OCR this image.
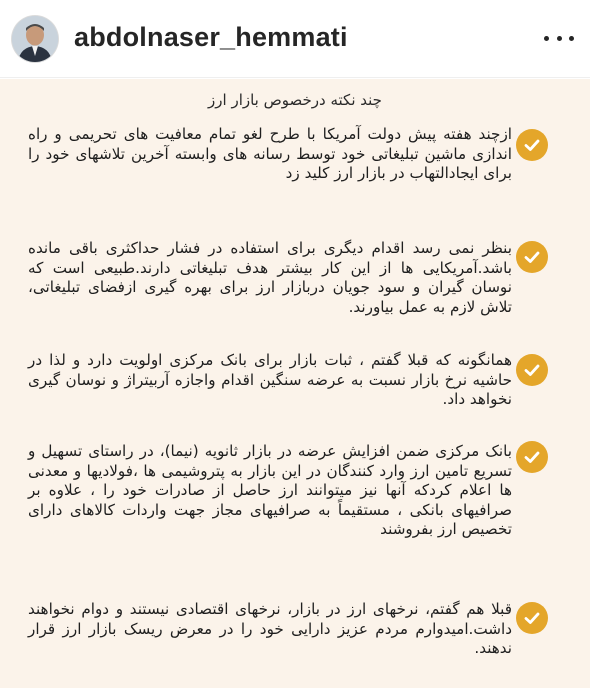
abdolnaser_hemmati
چند نکته درخصوص بازار ارز
ازچند هفته پیش دولت آمریکا با طرح لغو تمام معافیت های تحریمی و راه اندازی ماشین تبلیغاتی خود توسط رسانه های وابسته آخرین تلاشهای خود را برای ایجادالتهاب در بازار ارز کلید زد
بنظر نمی رسد اقدام دیگری برای استفاده در فشار حداکثری باقی مانده باشد.آمریکایی ها از این کار بیشتر هدف تبلیغاتی دارند.طبیعی است که نوسان گیران و سود جویان دربازار ارز برای بهره گیری ازفضای تبلیغاتی، تلاش لازم به عمل بیاورند.
همانگونه که قبلا گفتم ، ثبات بازار برای بانک مرکزی اولویت دارد و لذا در حاشیه نرخ بازار نسبت به عرضه سنگین اقدام واجازه آربیتراژ و نوسان گیری نخواهد داد.
بانک مرکزی ضمن افزایش عرضه در بازار ثانویه (نیما)، در راستای تسهیل و تسریع تامین ارز وارد کنندگان در این بازار به پتروشیمی ها ،فولادیها و معدنی ها اعلام کردکه آنها نیز میتوانند ارز حاصل از صادرات خود را ، علاوه بر صرافیهای بانکی ، مستقیماً به صرافیهای مجاز جهت واردات کالاهای دارای تخصیص ارز بفروشند
قبلا هم گفتم، نرخهای ارز در بازار، نرخهای اقتصادی نیستند و دوام نخواهند داشت.امیدوارم مردم عزیز دارایی خود را در معرض ریسک بازار ارز قرار ندهند.
